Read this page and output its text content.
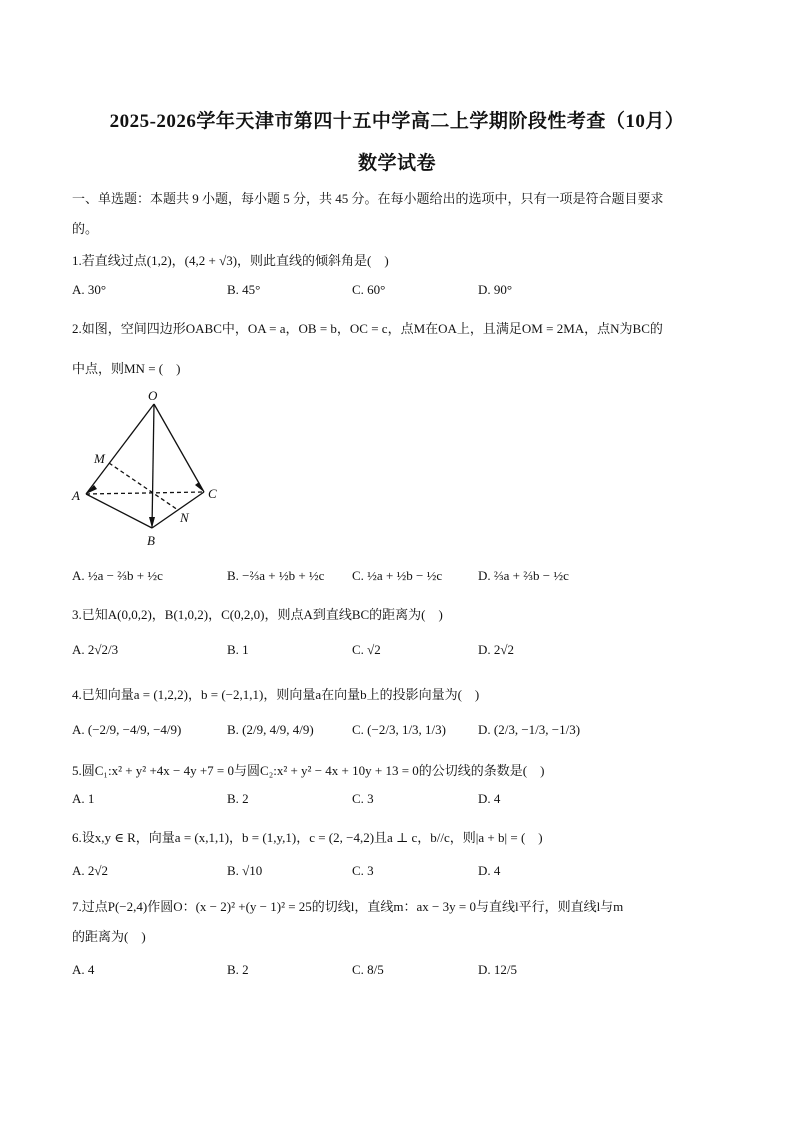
2025-2026学年天津市第四十五中学高二上学期阶段性考查（10月）
数学试卷
一、单选题：本题共 9 小题，每小题 5 分，共 45 分。在每小题给出的选项中，只有一项是符合题目要求
的。
1.若直线过点(1,2)，(4,2 + √3)，则此直线的倾斜角是(　)
A. 30°	B. 45°	C. 60°	D. 90°
2.如图，空间四边形OABC中，OA = a，OB = b，OC = c，点M在OA上，且满足OM = 2MA，点N为BC的
中点，则MN = (　)
O
M
A	C
N
B
A. ½a − ⅔b + ½c	B. −⅔a + ½b + ½c C. ½a + ½b − ½c	D. ⅔a + ⅔b − ½c
3.已知A(0,0,2)，B(1,0,2)，C(0,2,0)，则点A到直线BC的距离为(　)
A. 2√2/3	B. 1	C. √2	D. 2√2
4.已知向量a = (1,2,2)，b = (−2,1,1)，则向量a在向量b上的投影向量为(　)
A. (−2/9, −4/9, −4/9)	B. (2/9, 4/9, 4/9)	C. (−2/3, 1/3, 1/3) D. (2/3, −1/3, −1/3)
5.圆C₁:x² + y² +4x − 4y +7 = 0与圆C₂:x² + y² − 4x + 10y + 13 = 0的公切线的条数是(　)
A. 1	B. 2	C. 3	D. 4
6.设x,y ∈ R，向量a = (x,1,1)，b = (1,y,1)，c = (2, −4,2)且a ⊥ c，b//c，则|a + b| = (　)
A. 2√2	B. √10	C. 3	D. 4
7.过点P(−2,4)作圆O：(x − 2)² +(y − 1)² = 25的切线l，直线m：ax − 3y = 0与直线l平行，则直线l与m
的距离为(　)
A. 4	B. 2	C. 8/5	D. 12/5
